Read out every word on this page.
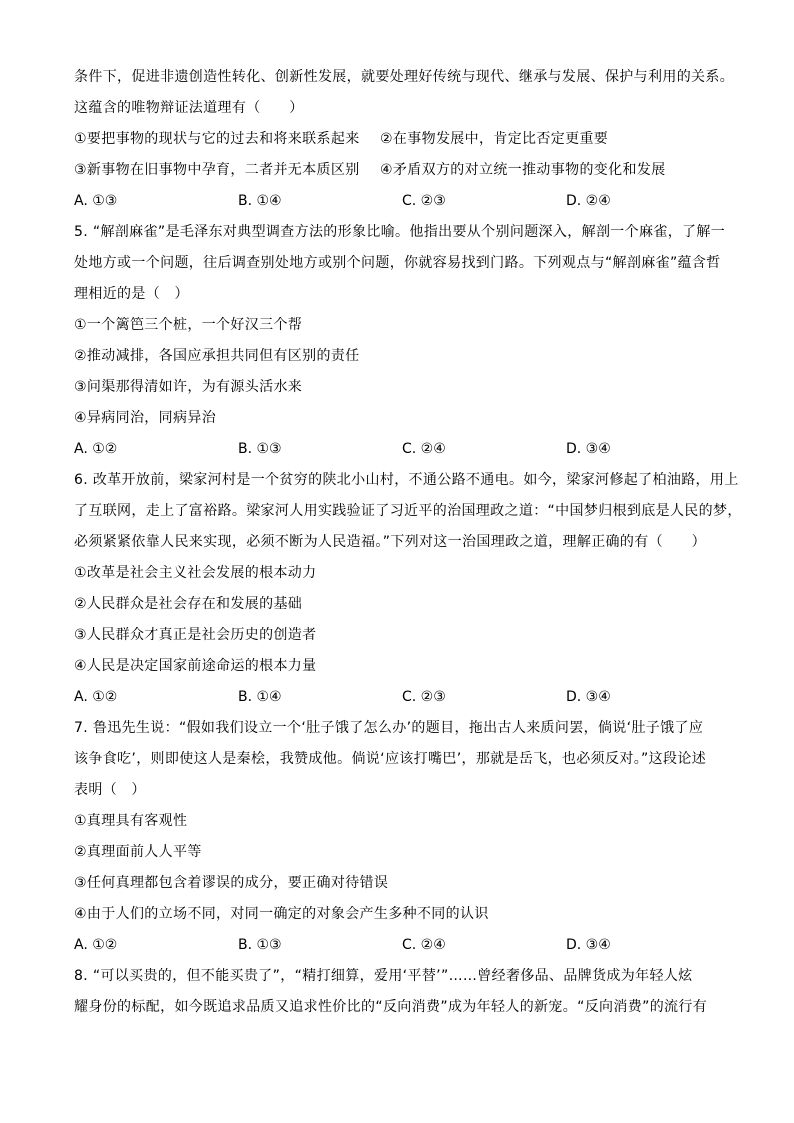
条件下，促进非遗创造性转化、创新性发展，就要处理好传统与现代、继承与发展、保护与利用的关系。
这蕴含的唯物辩证法道理有（　　）
①要把事物的现状与它的过去和将来联系起来	②在事物发展中，肯定比否定更重要
③新事物在旧事物中孕育，二者并无本质区别	④矛盾双方的对立统一推动事物的变化和发展
A. ①③	B. ①④	C. ②③	D. ②④
5. “解剖麻雀”是毛泽东对典型调查方法的形象比喻。他指出要从个别问题深入，解剖一个麻雀，了解一
处地方或一个问题，往后调查别处地方或别个问题，你就容易找到门路。下列观点与“解剖麻雀”蕴含哲
理相近的是（　）
①一个篱笆三个桩，一个好汉三个帮
②推动减排，各国应承担共同但有区别的责任
③问渠那得清如许，为有源头活水来
④异病同治，同病异治
A. ①②	B. ①③	C. ②④	D. ③④
6. 改革开放前，梁家河村是一个贫穷的陕北小山村，不通公路不通电。如今，梁家河修起了柏油路，用上
了互联网，走上了富裕路。梁家河人用实践验证了习近平的治国理政之道：“中国梦归根到底是人民的梦，
必须紧紧依靠人民来实现，必须不断为人民造福。”下列对这一治国理政之道，理解正确的有（　　）
①改革是社会主义社会发展的根本动力
②人民群众是社会存在和发展的基础
③人民群众才真正是社会历史的创造者
④人民是决定国家前途命运的根本力量
A. ①②	B. ①④	C. ②③	D. ③④
7. 鲁迅先生说：“假如我们设立一个‘肚子饿了怎么办’的题目，拖出古人来质问罢，倘说‘肚子饿了应
该争食吃’，则即使这人是秦桧，我赞成他。倘说‘应该打嘴巴’，那就是岳飞，也必须反对。”这段论述
表明（　）
①真理具有客观性
②真理面前人人平等
③任何真理都包含着谬误的成分，要正确对待错误
④由于人们的立场不同，对同一确定的对象会产生多种不同的认识
A. ①②	B. ①③	C. ②④	D. ③④
8. “可以买贵的，但不能买贵了”，“精打细算，爱用‘平替’”……曾经奢侈品、品牌货成为年轻人炫
耀身份的标配，如今既追求品质又追求性价比的“反向消费”成为年轻人的新宠。“反向消费”的流行有
